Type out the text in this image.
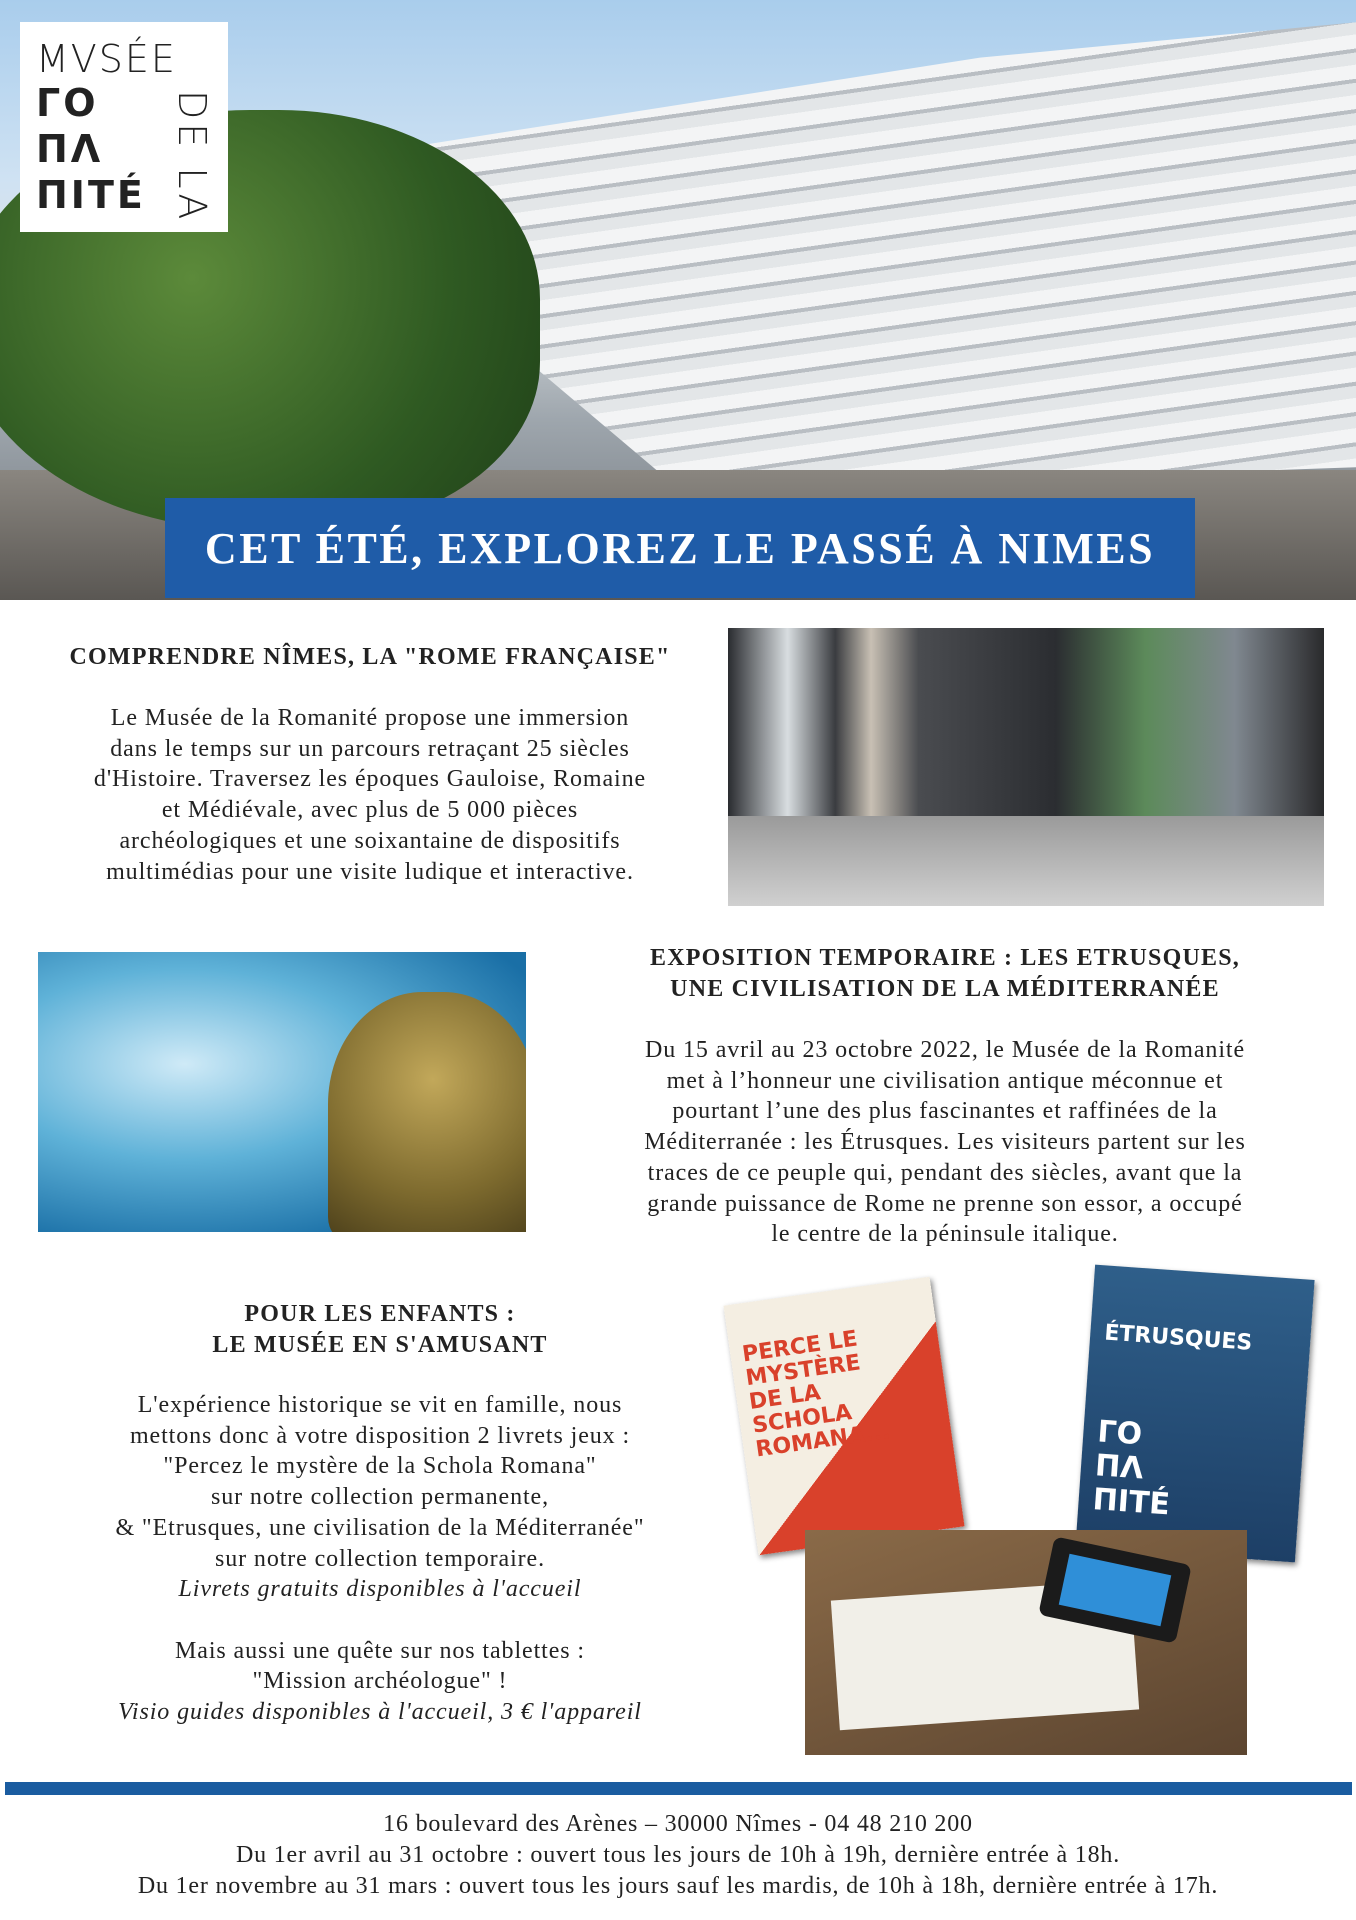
MVSÉE
ΓΟ
ΠΛ
ΠΙΤÉ DE LA
CET ÉTÉ, EXPLOREZ LE PASSÉ À NIMES
COMPRENDRE NÎMES, LA "ROME FRANÇAISE"
Le Musée de la Romanité propose une immersion
dans le temps sur un parcours retraçant 25 siècles
d'Histoire. Traversez les époques Gauloise, Romaine
et Médiévale, avec plus de 5 000 pièces
archéologiques et une soixantaine de dispositifs
multimédias pour une visite ludique et interactive.
EXPOSITION TEMPORAIRE : LES ETRUSQUES,
UNE CIVILISATION DE LA MÉDITERRANÉE
Du 15 avril au 23 octobre 2022, le Musée de la Romanité
met à l’honneur une civilisation antique méconnue et
pourtant l’une des plus fascinantes et raffinées de la
Méditerranée : les Étrusques. Les visiteurs partent sur les
traces de ce peuple qui, pendant des siècles, avant que la
grande puissance de Rome ne prenne son essor, a occupé
le centre de la péninsule italique.
POUR LES ENFANTS :
LE MUSÉE EN S'AMUSANT
L'expérience historique se vit en famille, nous
mettons donc à votre disposition 2 livrets jeux :
"Percez le mystère de la Schola Romana"
sur notre collection permanente,
& "Etrusques, une civilisation de la Méditerranée"
sur notre collection temporaire.
Livrets gratuits disponibles à l'accueil

Mais aussi une quête sur nos tablettes :
"Mission archéologue" !
Visio guides disponibles à l'accueil, 3 € l'appareil
PERCE LE MYSTÈRE DE LA SCHOLA ROMANA...
ÉTRUSQUES
ΓΟ ΠΛ ΠΙΤÉ
16 boulevard des Arènes – 30000 Nîmes - 04 48 210 200
Du 1er avril au 31 octobre : ouvert tous les jours de 10h à 19h, dernière entrée à 18h.
Du 1er novembre au 31 mars : ouvert tous les jours sauf les mardis, de 10h à 18h, dernière entrée à 17h.
